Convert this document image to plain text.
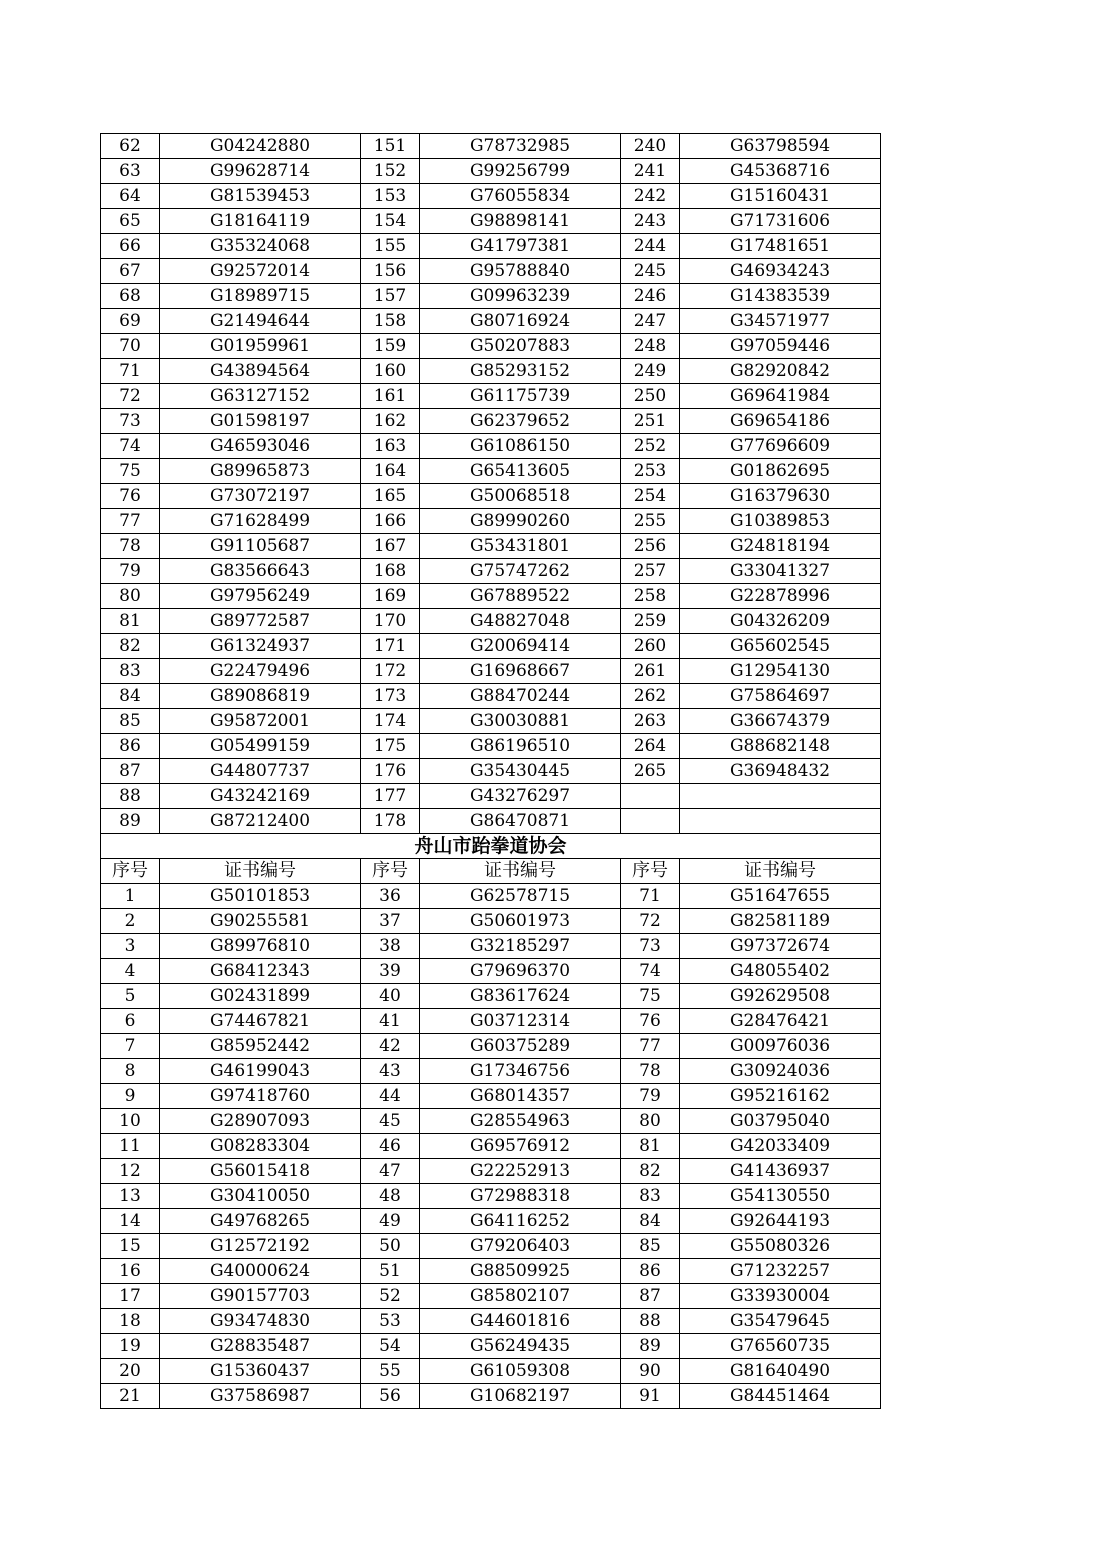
62	G04242880	151	G78732985	240	G63798594
63	G99628714	152	G99256799	241	G45368716
64	G81539453	153	G76055834	242	G15160431
65	G18164119	154	G98898141	243	G71731606
66	G35324068	155	G41797381	244	G17481651
67	G92572014	156	G95788840	245	G46934243
68	G18989715	157	G09963239	246	G14383539
69	G21494644	158	G80716924	247	G34571977
70	G01959961	159	G50207883	248	G97059446
71	G43894564	160	G85293152	249	G82920842
72	G63127152	161	G61175739	250	G69641984
73	G01598197	162	G62379652	251	G69654186
74	G46593046	163	G61086150	252	G77696609
75	G89965873	164	G65413605	253	G01862695
76	G73072197	165	G50068518	254	G16379630
77	G71628499	166	G89990260	255	G10389853
78	G91105687	167	G53431801	256	G24818194
79	G83566643	168	G75747262	257	G33041327
80	G97956249	169	G67889522	258	G22878996
81	G89772587	170	G48827048	259	G04326209
82	G61324937	171	G20069414	260	G65602545
83	G22479496	172	G16968667	261	G12954130
84	G89086819	173	G88470244	262	G75864697
85	G95872001	174	G30030881	263	G36674379
86	G05499159	175	G86196510	264	G88682148
87	G44807737	176	G35430445	265	G36948432
88	G43242169	177	G43276297		
89	G87212400	178	G86470871		
舟山市跆拳道协会					
序号	证书编号	序号	证书编号	序号	证书编号
1	G50101853	36	G62578715	71	G51647655
2	G90255581	37	G50601973	72	G82581189
3	G89976810	38	G32185297	73	G97372674
4	G68412343	39	G79696370	74	G48055402
5	G02431899	40	G83617624	75	G92629508
6	G74467821	41	G03712314	76	G28476421
7	G85952442	42	G60375289	77	G00976036
8	G46199043	43	G17346756	78	G30924036
9	G97418760	44	G68014357	79	G95216162
10	G28907093	45	G28554963	80	G03795040
11	G08283304	46	G69576912	81	G42033409
12	G56015418	47	G22252913	82	G41436937
13	G30410050	48	G72988318	83	G54130550
14	G49768265	49	G64116252	84	G92644193
15	G12572192	50	G79206403	85	G55080326
16	G40000624	51	G88509925	86	G71232257
17	G90157703	52	G85802107	87	G33930004
18	G93474830	53	G44601816	88	G35479645
19	G28835487	54	G56249435	89	G76560735
20	G15360437	55	G61059308	90	G81640490
21	G37586987	56	G10682197	91	G84451464
